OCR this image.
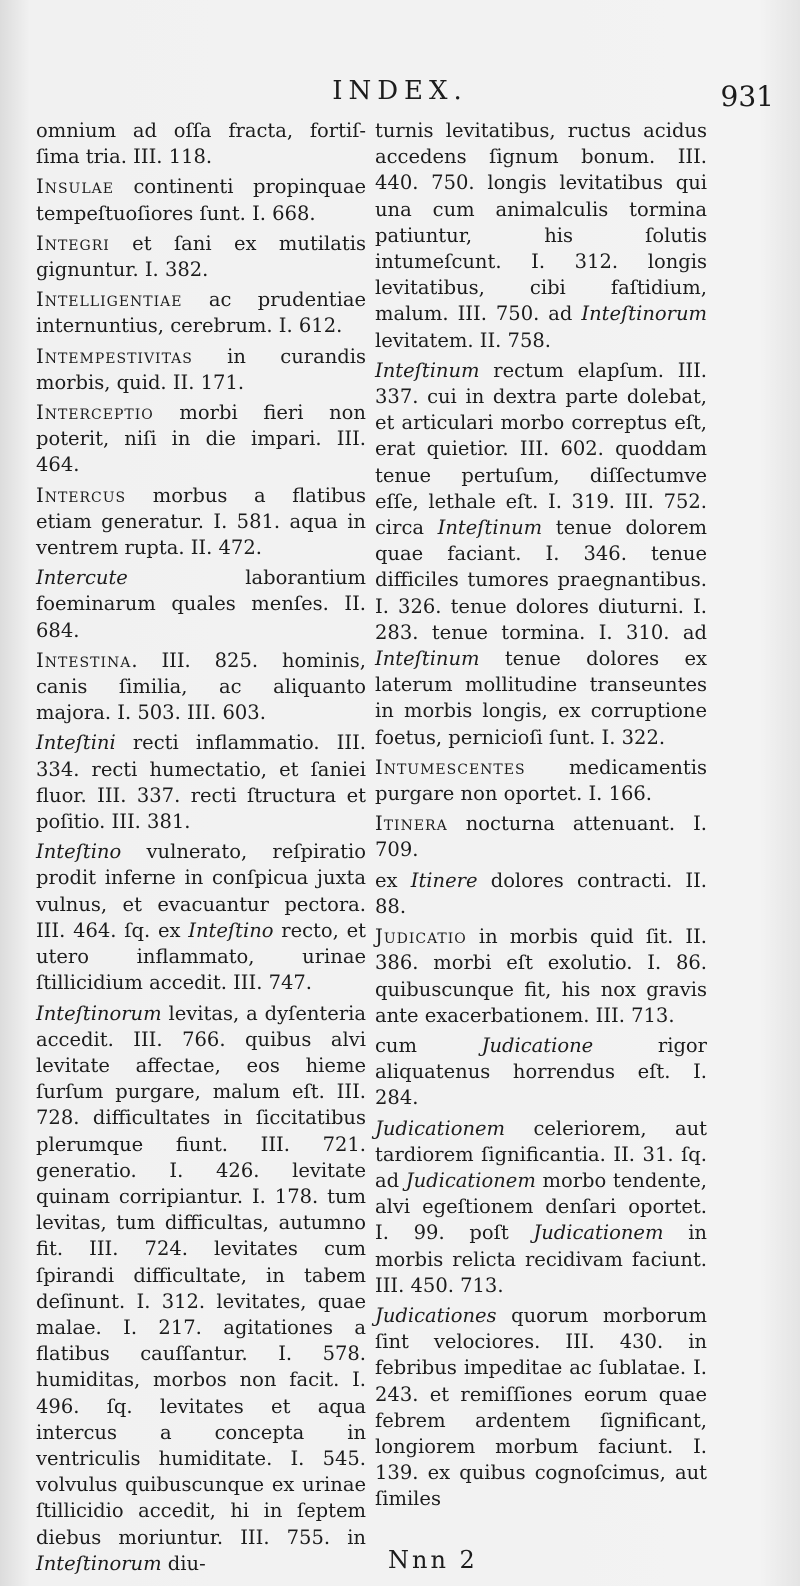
INDEX.	931

omnium ad oſſa fracta, fortiſ-ſima tria. III. 118.

Insulae continenti propinquae tempeſtuoſiores ſunt. I. 668.

Integri et ſani ex mutilatis gignuntur. I. 382.

Intelligentiae ac prudentiae internuntius, cerebrum. I. 612.

Intempestivitas in curandis morbis, quid. II. 171.

Interceptio morbi fieri non poterit, niſi in die impari. III. 464.

Intercus morbus a flatibus etiam generatur. I. 581. aqua in ventrem rupta. II. 472.

Intercute laborantium foeminarum quales menſes. II. 684.

Intestina. III. 825. hominis, canis ſimilia, ac aliquanto majora. I. 503. III. 603.

Inteſtini recti inflammatio. III. 334. recti humectatio, et ſaniei fluor. III. 337. recti ſtructura et poſitio. III. 381.

Inteſtino vulnerato, reſpiratio prodit inferne in conſpicua juxta vulnus, et evacuantur pectora. III. 464. ſq. ex Inteſtino recto, et utero inflammato, urinae ſtillicidium accedit. III. 747.

Inteſtinorum levitas, a dyſenteria accedit. III. 766. quibus alvi levitate affectae, eos hieme ſurſum purgare, malum eſt. III. 728. difficultates in ſiccitatibus plerumque fiunt. III. 721. generatio. I. 426. levitate quinam corripiantur. I. 178. tum levitas, tum difficultas, autumno fit. III. 724. levitates cum ſpirandi difficultate, in tabem deſinunt. I. 312. levitates, quae malae. I. 217. agitationes a flatibus cauſſantur. I. 578. humiditas, morbos non facit. I. 496. ſq. levitates et aqua intercus a concepta in ventriculis humiditate. I. 545. volvulus quibuscunque ex urinae ſtillicidio accedit, hi in ſeptem diebus moriuntur. III. 755. in Inteſtinorum diu-

turnis levitatibus, ructus acidus accedens ſignum bonum. III. 440. 750. longis levitatibus qui una cum animalculis tormina patiuntur, his ſolutis intumeſcunt. I. 312. longis levitatibus, cibi faſtidium, malum. III. 750. ad Inteſtinorum levitatem. II. 758.

Inteſtinum rectum elapſum. III. 337. cui in dextra parte dolebat, et articulari morbo correptus eſt, erat quietior. III. 602. quoddam tenue pertuſum, diſſectumve eſſe, lethale eſt. I. 319. III. 752. circa Inteſtinum tenue dolorem quae faciant. I. 346. tenue difficiles tumores praegnantibus. I. 326. tenue dolores diuturni. I. 283. tenue tormina. I. 310. ad Inteſtinum tenue dolores ex laterum mollitudine transeuntes in morbis longis, ex corruptione foetus, pernicioſi ſunt. I. 322.

Intumescentes medicamentis purgare non oportet. I. 166.

Itinera nocturna attenuant. I. 709.

ex Itinere dolores contracti. II. 88.

Judicatio in morbis quid ſit. II. 386. morbi eſt exolutio. I. 86. quibuscunque fit, his nox gravis ante exacerbationem. III. 713.

cum Judicatione rigor aliquatenus horrendus eſt. I. 284.

Judicationem celeriorem, aut tardiorem ſignificantia. II. 31. ſq. ad Judicationem morbo tendente, alvi egeſtionem denſari oportet. I. 99. poſt Judicationem in morbis relicta recidivam faciunt. III. 450. 713.

Judicationes quorum morborum ſint velociores. III. 430. in febribus impeditae ac ſublatae. I. 243. et remiſſiones eorum quae febrem ardentem ſignificant, longiorem morbum faciunt. I. 139. ex quibus cognoſcimus, aut ſimiles

Nnn 2
